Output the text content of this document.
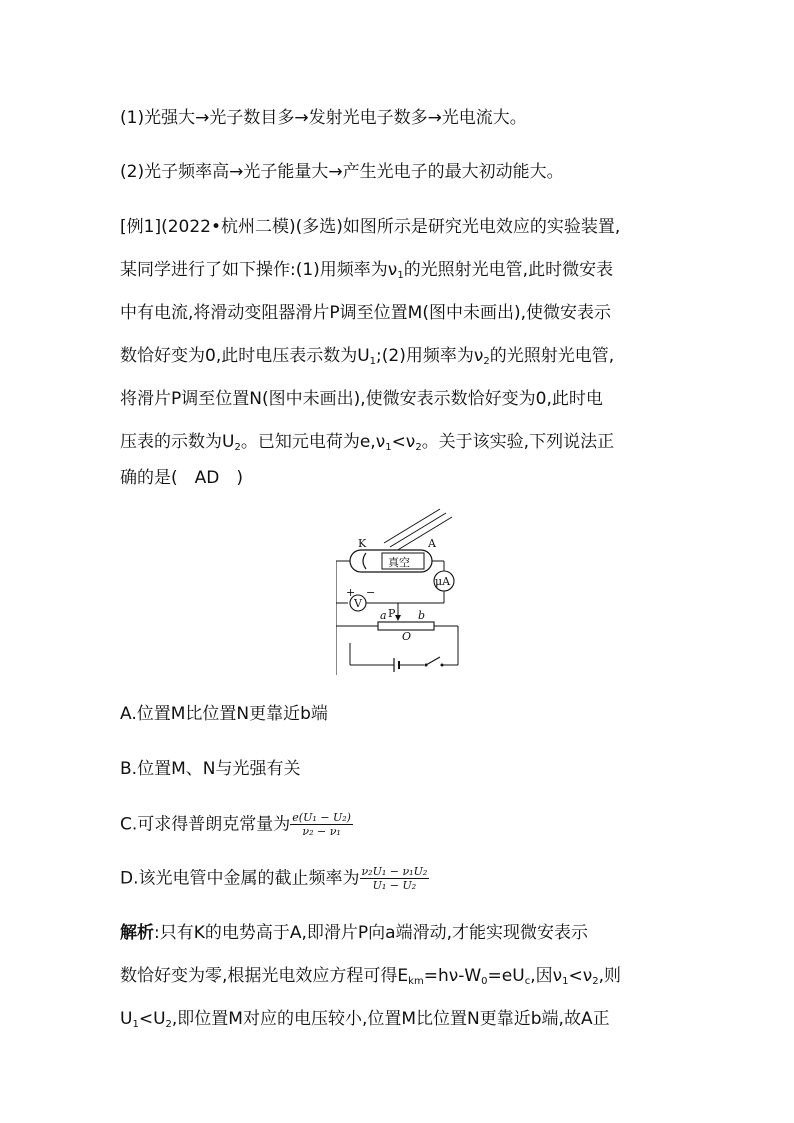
(1)光强大→光子数目多→发射光电子数多→光电流大。
(2)光子频率高→光子能量大→产生光电子的最大初动能大。
[例1](2022•杭州二模)(多选)如图所示是研究光电效应的实验装置,
某同学进行了如下操作:(1)用频率为$\nu_1$的光照射光电管,此时微安表
中有电流,将滑动变阻器滑片P调至位置M(图中未画出),使微安表示
数恰好变为0,此时电压表示数为$U_1;(2)$用频率为$\nu_2$的光照射光电管,
将滑片P调至位置N(图中未画出),使微安表示数恰好变为0,此时电
压表的示数为$U_2$。已知元电荷为$e,\nu_1<\nu_2$。关于该实验,下列说法正
确的是(　AD　)
真空
K	A
μA
V
+ −
P
a	b
O
A.位置M比位置N更靠近b端
B.位置M、N与光强有关
C.可求得普朗克常量为 $\frac{\text{e(U₁ − U₂)}}{\text{ν₂ − ν₁}}$
D.该光电管中金属的截止频率为 $\frac{\text{ν₂U₁ − ν₁U₂}}{\text{U₁ − U₂}}$
解析:只有K的电势高于A,即滑片P向a端滑动,才能实现微安表示
数恰好变为零,根据光电效应方程可得$E_{km}=h\nu-W_0=eU_c$,因$\nu_1<\nu_2$,则
$U_1<U_2$,即位置M对应的电压较小,位置M比位置N更靠近b端,故A正
